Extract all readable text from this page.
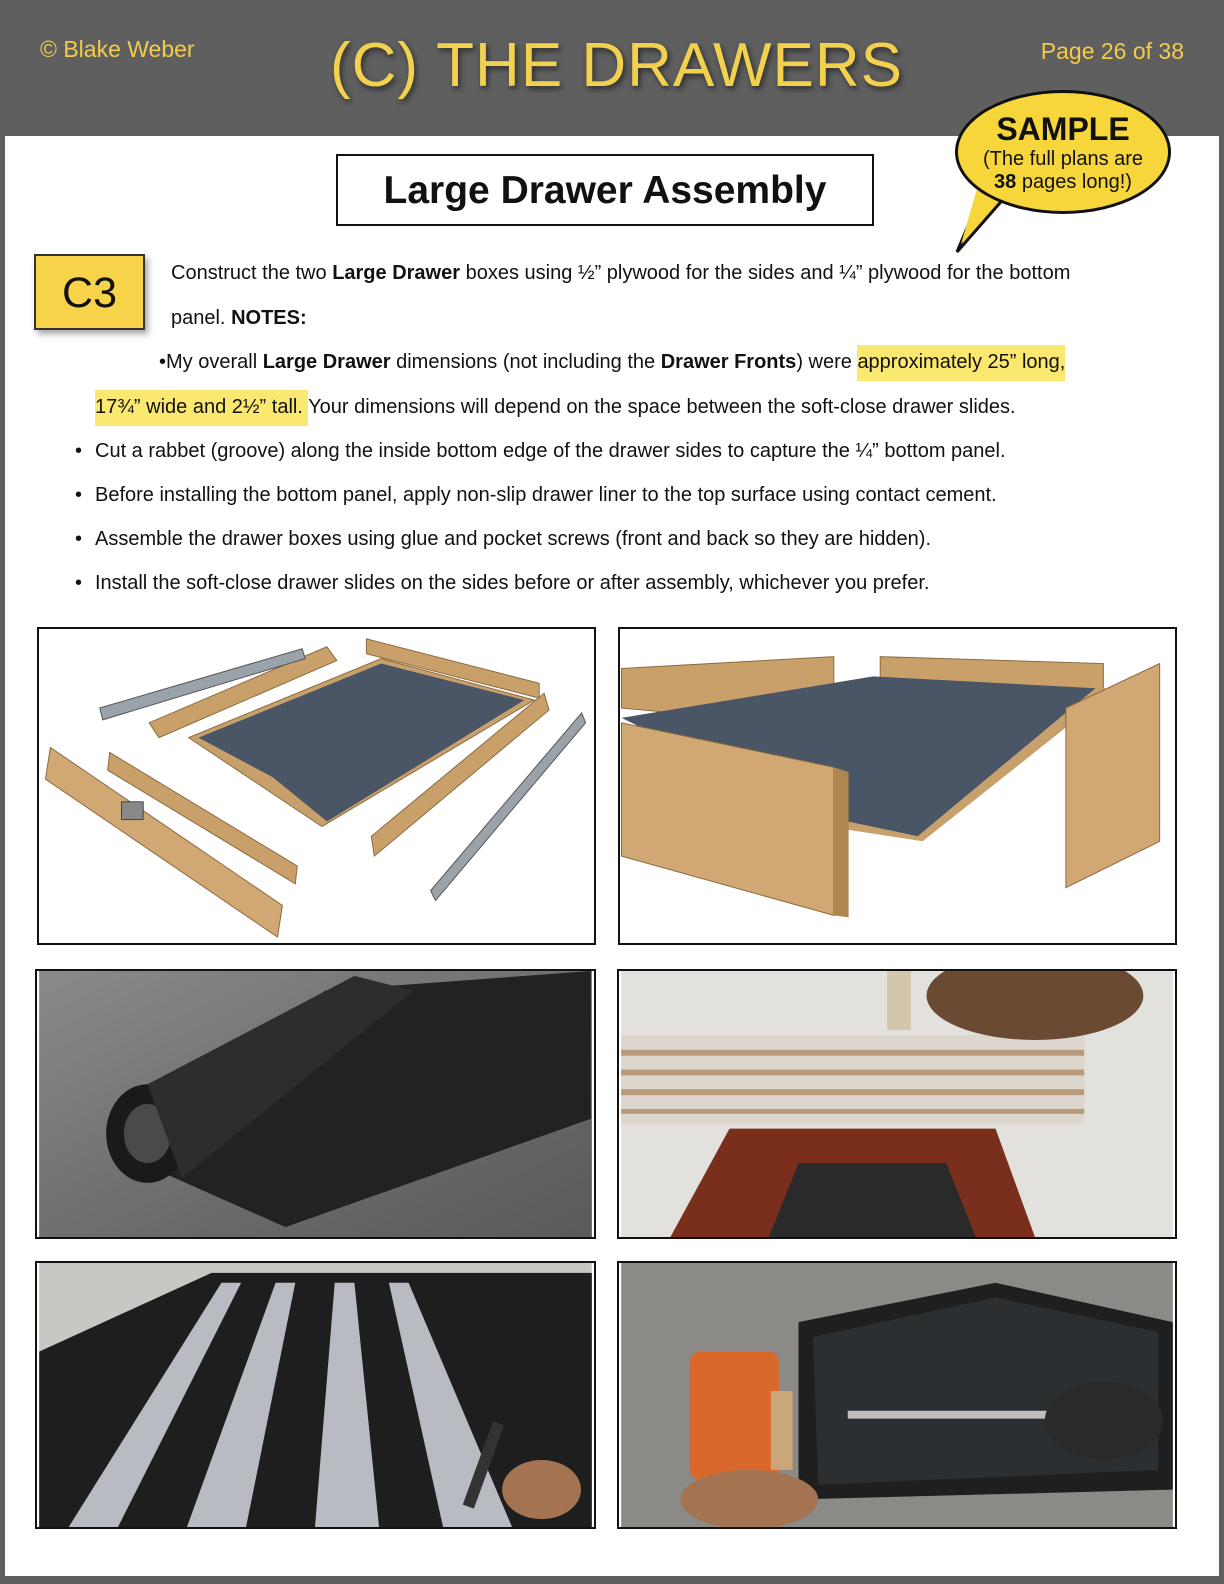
© Blake Weber (C) THE DRAWERS	Page 26 of 38
SAMPLE
(The full plans are
38 pages long!)
Large Drawer Assembly
C3	Construct the two Large Drawer boxes using ½” plywood for the sides and ¼” plywood for the bottom
panel. NOTES:
•My overall Large Drawer dimensions (not including the Drawer Fronts) were approximately 25” long,
17¾” wide and 2½” tall. Your dimensions will depend on the space between the soft-close drawer slides.
• Cut a rabbet (groove) along the inside bottom edge of the drawer sides to capture the ¼” bottom panel.
• Before installing the bottom panel, apply non-slip drawer liner to the top surface using contact cement.
• Assemble the drawer boxes using glue and pocket screws (front and back so they are hidden).
• Install the soft-close drawer slides on the sides before or after assembly, whichever you prefer.
